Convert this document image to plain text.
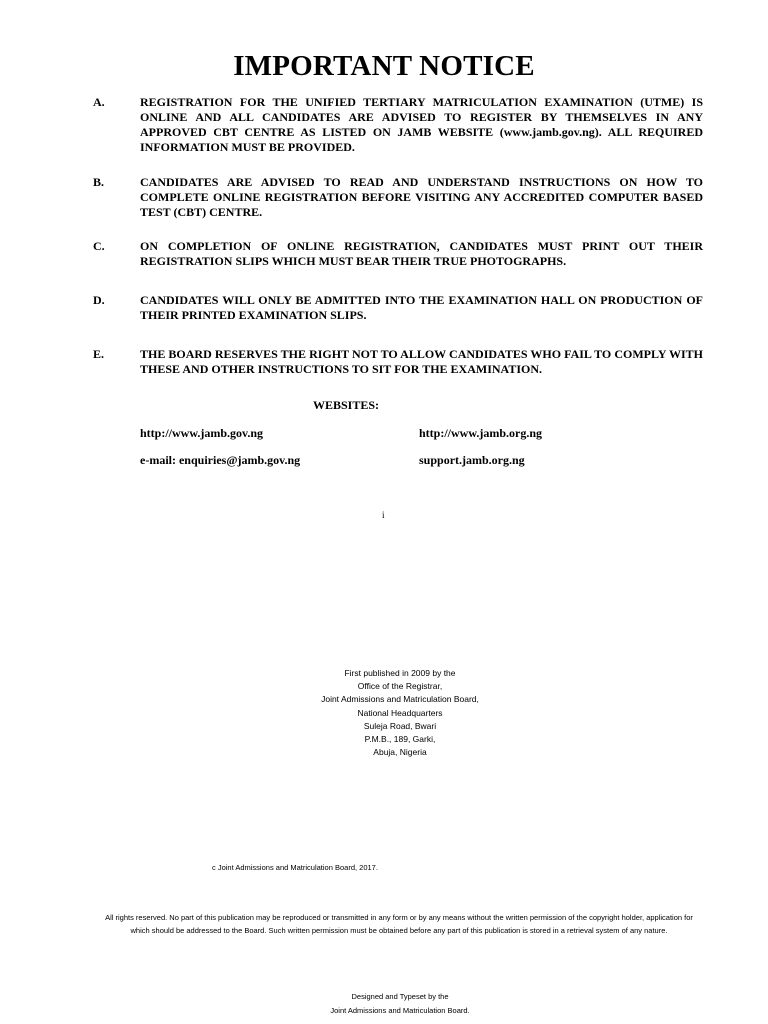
IMPORTANT NOTICE
A.	REGISTRATION FOR THE UNIFIED TERTIARY MATRICULATION EXAMINATION (UTME) IS ONLINE AND ALL CANDIDATES ARE ADVISED TO REGISTER BY THEMSELVES IN ANY APPROVED CBT CENTRE AS LISTED ON JAMB WEBSITE (www.jamb.gov.ng). ALL REQUIRED INFORMATION MUST BE PROVIDED.
B.	CANDIDATES ARE ADVISED TO READ AND UNDERSTAND INSTRUCTIONS ON HOW TO COMPLETE ONLINE REGISTRATION BEFORE VISITING ANY ACCREDITED COMPUTER BASED TEST (CBT) CENTRE.
C.	ON COMPLETION OF ONLINE REGISTRATION, CANDIDATES MUST PRINT OUT THEIR REGISTRATION SLIPS WHICH MUST BEAR THEIR TRUE PHOTOGRAPHS.
D.	CANDIDATES WILL ONLY BE ADMITTED INTO THE EXAMINATION HALL ON PRODUCTION OF THEIR PRINTED EXAMINATION SLIPS.
E.	THE BOARD RESERVES THE RIGHT NOT TO ALLOW CANDIDATES WHO FAIL TO COMPLY WITH THESE AND OTHER INSTRUCTIONS TO SIT FOR THE EXAMINATION.
WEBSITES:
http://www.jamb.gov.ng	http://www.jamb.org.ng
e-mail: enquiries@jamb.gov.ng	support.jamb.org.ng
i
First published in 2009 by the
Office of the Registrar,
Joint Admissions and Matriculation Board,
National Headquarters
Suleja Road, Bwari
P.M.B., 189, Garki,
Abuja, Nigeria
c Joint Admissions and Matriculation Board, 2017.
All rights reserved. No part of this publication may be reproduced or transmitted in any form or by any means without the written permission of the copyright holder, application for which should be addressed to the Board. Such written permission must be obtained before any part of this publication is stored in a retrieval system of any nature.
Designed and Typeset by the
Joint Admissions and Matriculation Board.
